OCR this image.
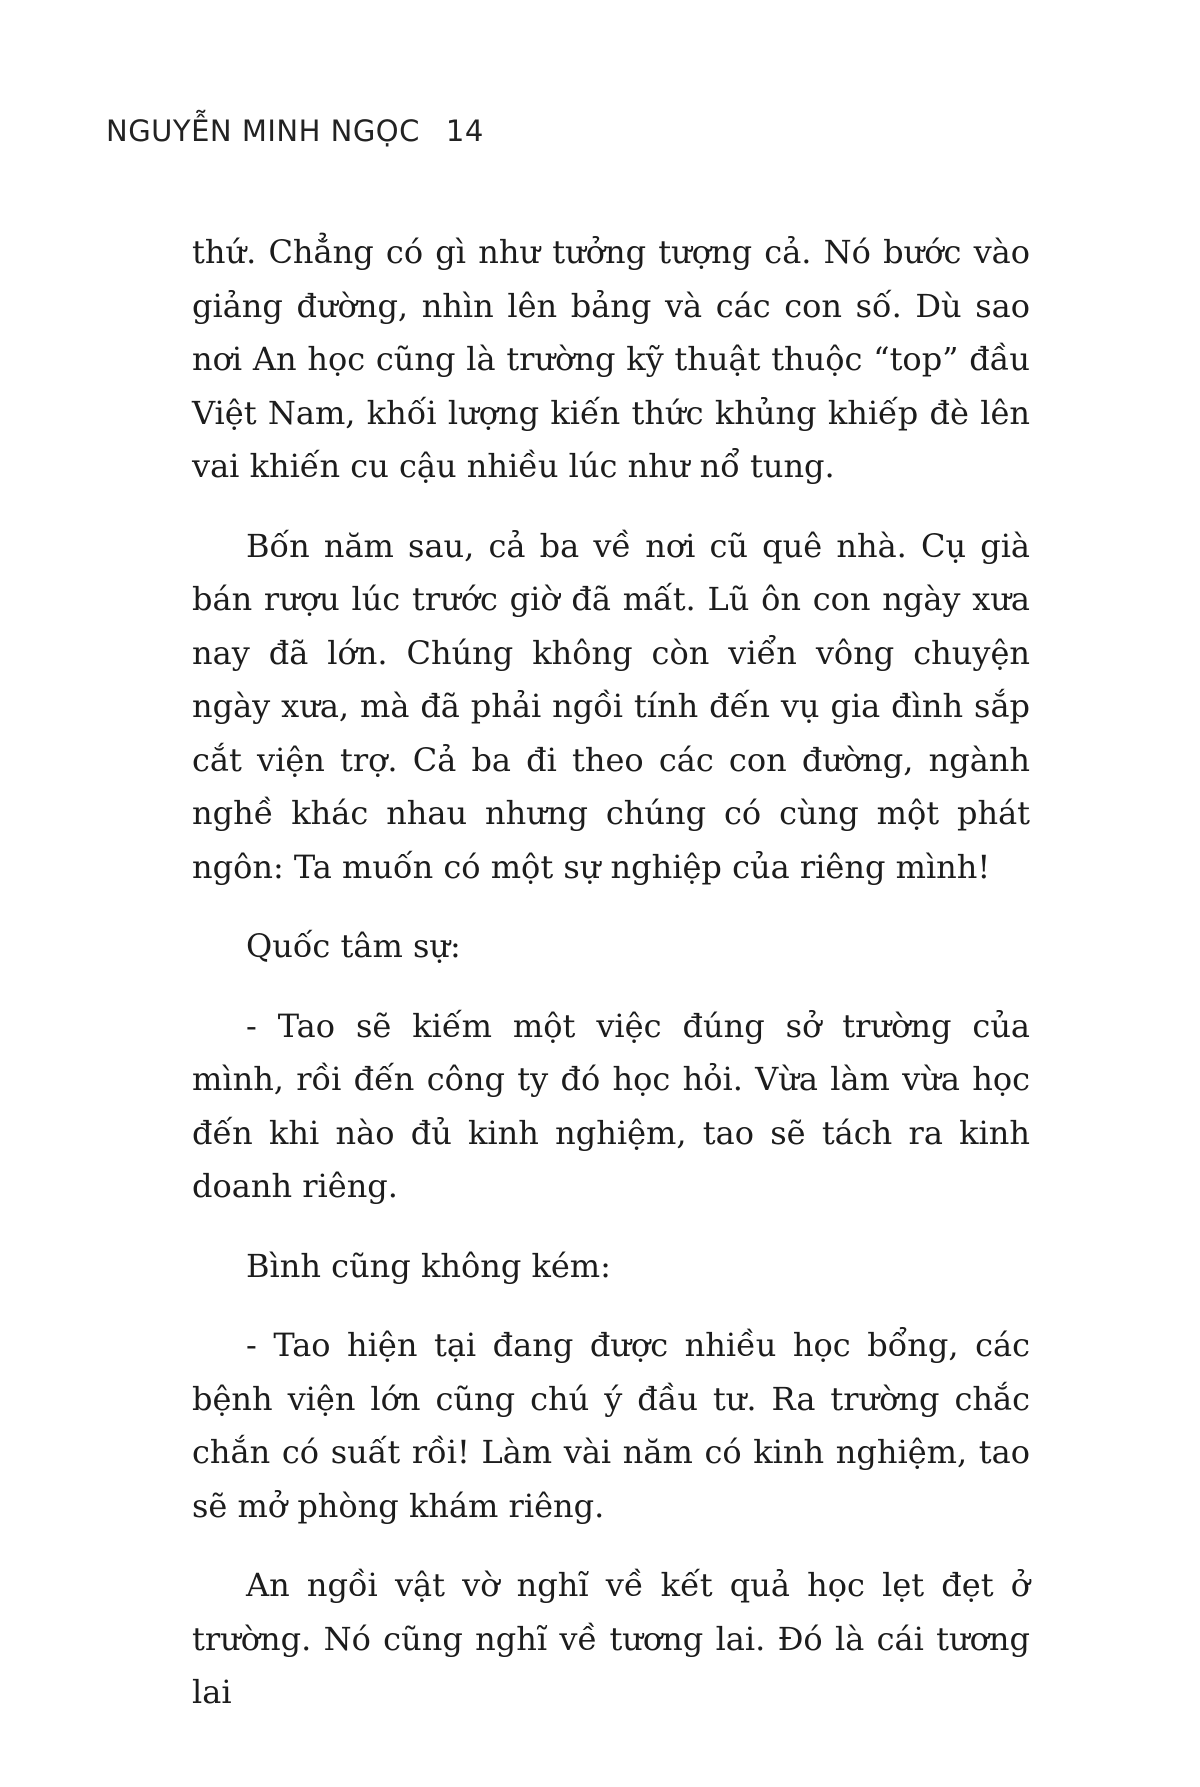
NGUYỄN MINH NGỌC 14

thứ. Chẳng có gì như tưởng tượng cả. Nó bước vào giảng đường, nhìn lên bảng và các con số. Dù sao nơi An học cũng là trường kỹ thuật thuộc “top” đầu Việt Nam, khối lượng kiến thức khủng khiếp đè lên vai khiến cu cậu nhiều lúc như nổ tung.

Bốn năm sau, cả ba về nơi cũ quê nhà. Cụ già bán rượu lúc trước giờ đã mất. Lũ ôn con ngày xưa nay đã lớn. Chúng không còn viển vông chuyện ngày xưa, mà đã phải ngồi tính đến vụ gia đình sắp cắt viện trợ. Cả ba đi theo các con đường, ngành nghề khác nhau nhưng chúng có cùng một phát ngôn: Ta muốn có một sự nghiệp của riêng mình!

Quốc tâm sự:

- Tao sẽ kiếm một việc đúng sở trường của mình, rồi đến công ty đó học hỏi. Vừa làm vừa học đến khi nào đủ kinh nghiệm, tao sẽ tách ra kinh doanh riêng.

Bình cũng không kém:

- Tao hiện tại đang được nhiều học bổng, các bệnh viện lớn cũng chú ý đầu tư. Ra trường chắc chắn có suất rồi! Làm vài năm có kinh nghiệm, tao sẽ mở phòng khám riêng.

An ngồi vật vờ nghĩ về kết quả học lẹt đẹt ở trường. Nó cũng nghĩ về tương lai. Đó là cái tương lai
